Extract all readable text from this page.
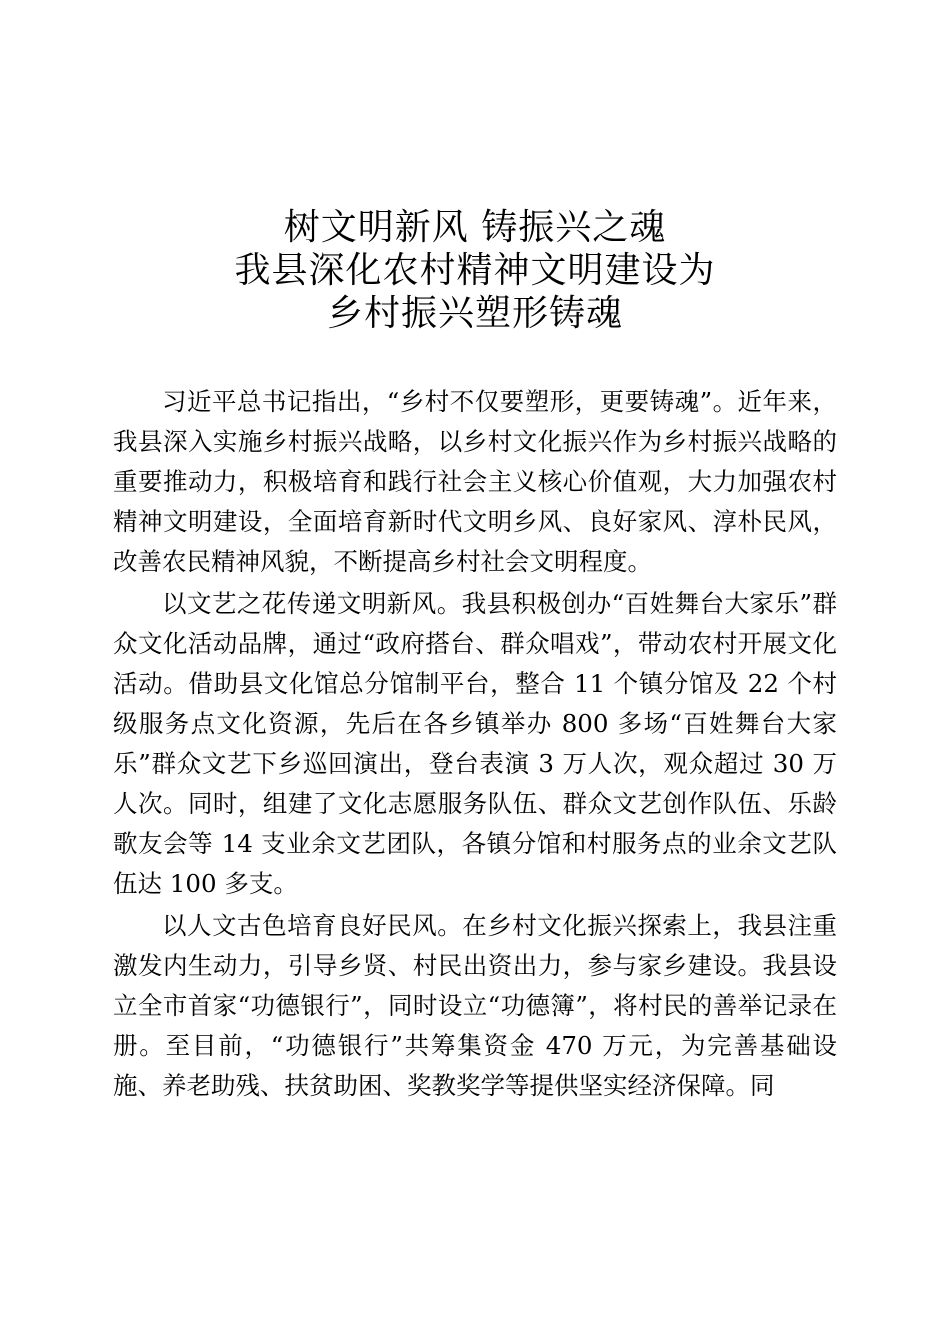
树文明新风 铸振兴之魂
我县深化农村精神文明建设为
乡村振兴塑形铸魂

习近平总书记指出，“乡村不仅要塑形，更要铸魂”。近年来，我县深入实施乡村振兴战略，以乡村文化振兴作为乡村振兴战略的重要推动力，积极培育和践行社会主义核心价值观，大力加强农村精神文明建设，全面培育新时代文明乡风、良好家风、淳朴民风，改善农民精神风貌，不断提高乡村社会文明程度。

以文艺之花传递文明新风。我县积极创办“百姓舞台大家乐”群众文化活动品牌，通过“政府搭台、群众唱戏”，带动农村开展文化活动。借助县文化馆总分馆制平台，整合 11 个镇分馆及 22 个村级服务点文化资源，先后在各乡镇举办 800 多场“百姓舞台大家乐”群众文艺下乡巡回演出，登台表演 3 万人次，观众超过 30 万人次。同时，组建了文化志愿服务队伍、群众文艺创作队伍、乐龄歌友会等 14 支业余文艺团队，各镇分馆和村服务点的业余文艺队伍达 100 多支。

以人文古色培育良好民风。在乡村文化振兴探索上，我县注重激发内生动力，引导乡贤、村民出资出力，参与家乡建设。我县设立全市首家“功德银行”，同时设立“功德簿”，将村民的善举记录在册。至目前，“功德银行”共筹集资金 470 万元，为完善基础设施、养老助残、扶贫助困、奖教奖学等提供坚实经济保障。同
